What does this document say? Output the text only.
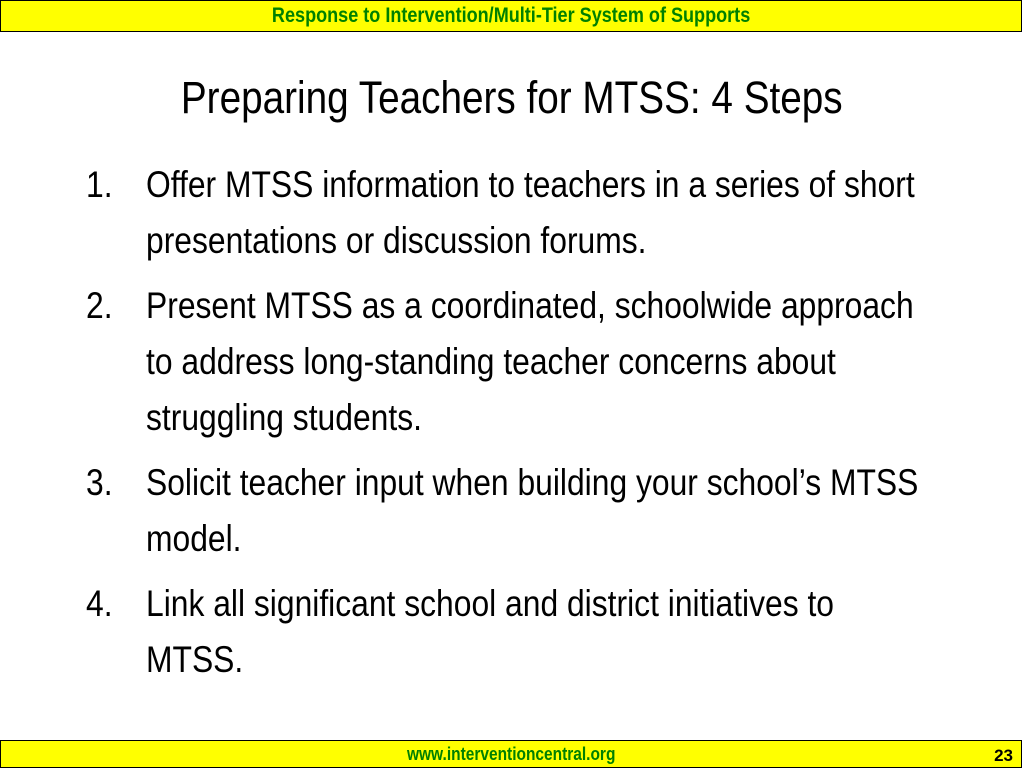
Response to Intervention/Multi-Tier System of Supports
Preparing Teachers for MTSS: 4 Steps
1. Offer MTSS information to teachers in a series of short presentations or discussion forums.
2. Present MTSS as a coordinated, schoolwide approach to address long-standing teacher concerns about struggling students.
3. Solicit teacher input when building your school’s MTSS model.
4. Link all significant school and district initiatives to MTSS.
www.interventioncentral.org	23
